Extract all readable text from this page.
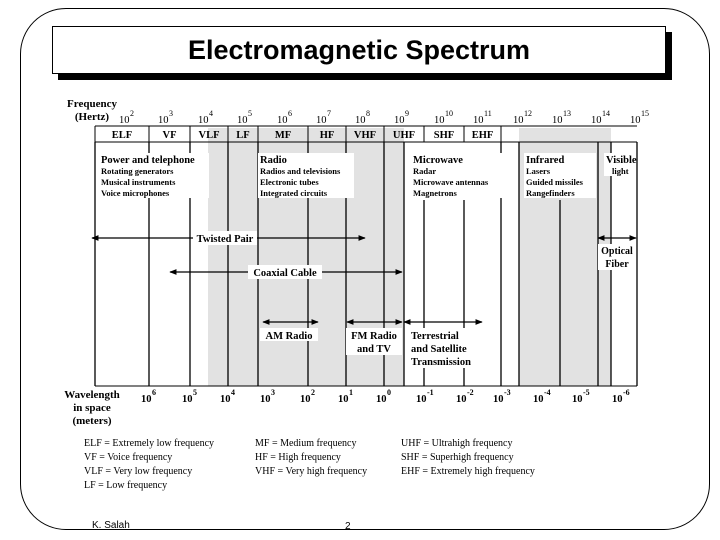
Electromagnetic Spectrum
Frequency
(Hertz) 10
2
10
3
10
4
10
5
10
6
10
7
10
8
10
9
10
10
10
11
10
12
10
13
10
14
10
15
ELF	VF VLF LF MF	HF VHF UHF SHF EHF
Power and telephone
Rotating generators
Musical instruments
Voice microphones
Radio
Radios and televisions
Electronic tubes
Integrated circuits
Microwave
Radar
Microwave antennas
Magnetrons
Infrared
Lasers
Guided missiles
Rangefinders
Visible
light
Twisted Pair
Optical
Fiber
Coaxial Cable
AM Radio	FM Radio
and TV
Terrestrial
and Satellite
Transmission
10
6
10
5
10
4
10
3
10
2
10
1
10
0
10
-1
10
-2
10
-3
10
-4
10
-5
10
-6
Wavelength
in space
(meters)
ELF = Extremely low frequency
VF = Voice frequency
VLF = Very low frequency
LF = Low frequency
MF = Medium frequency
HF = High frequency
VHF = Very high frequency
UHF = Ultrahigh frequency
SHF = Superhigh frequency
EHF = Extremely high frequency
K. Salah	2
